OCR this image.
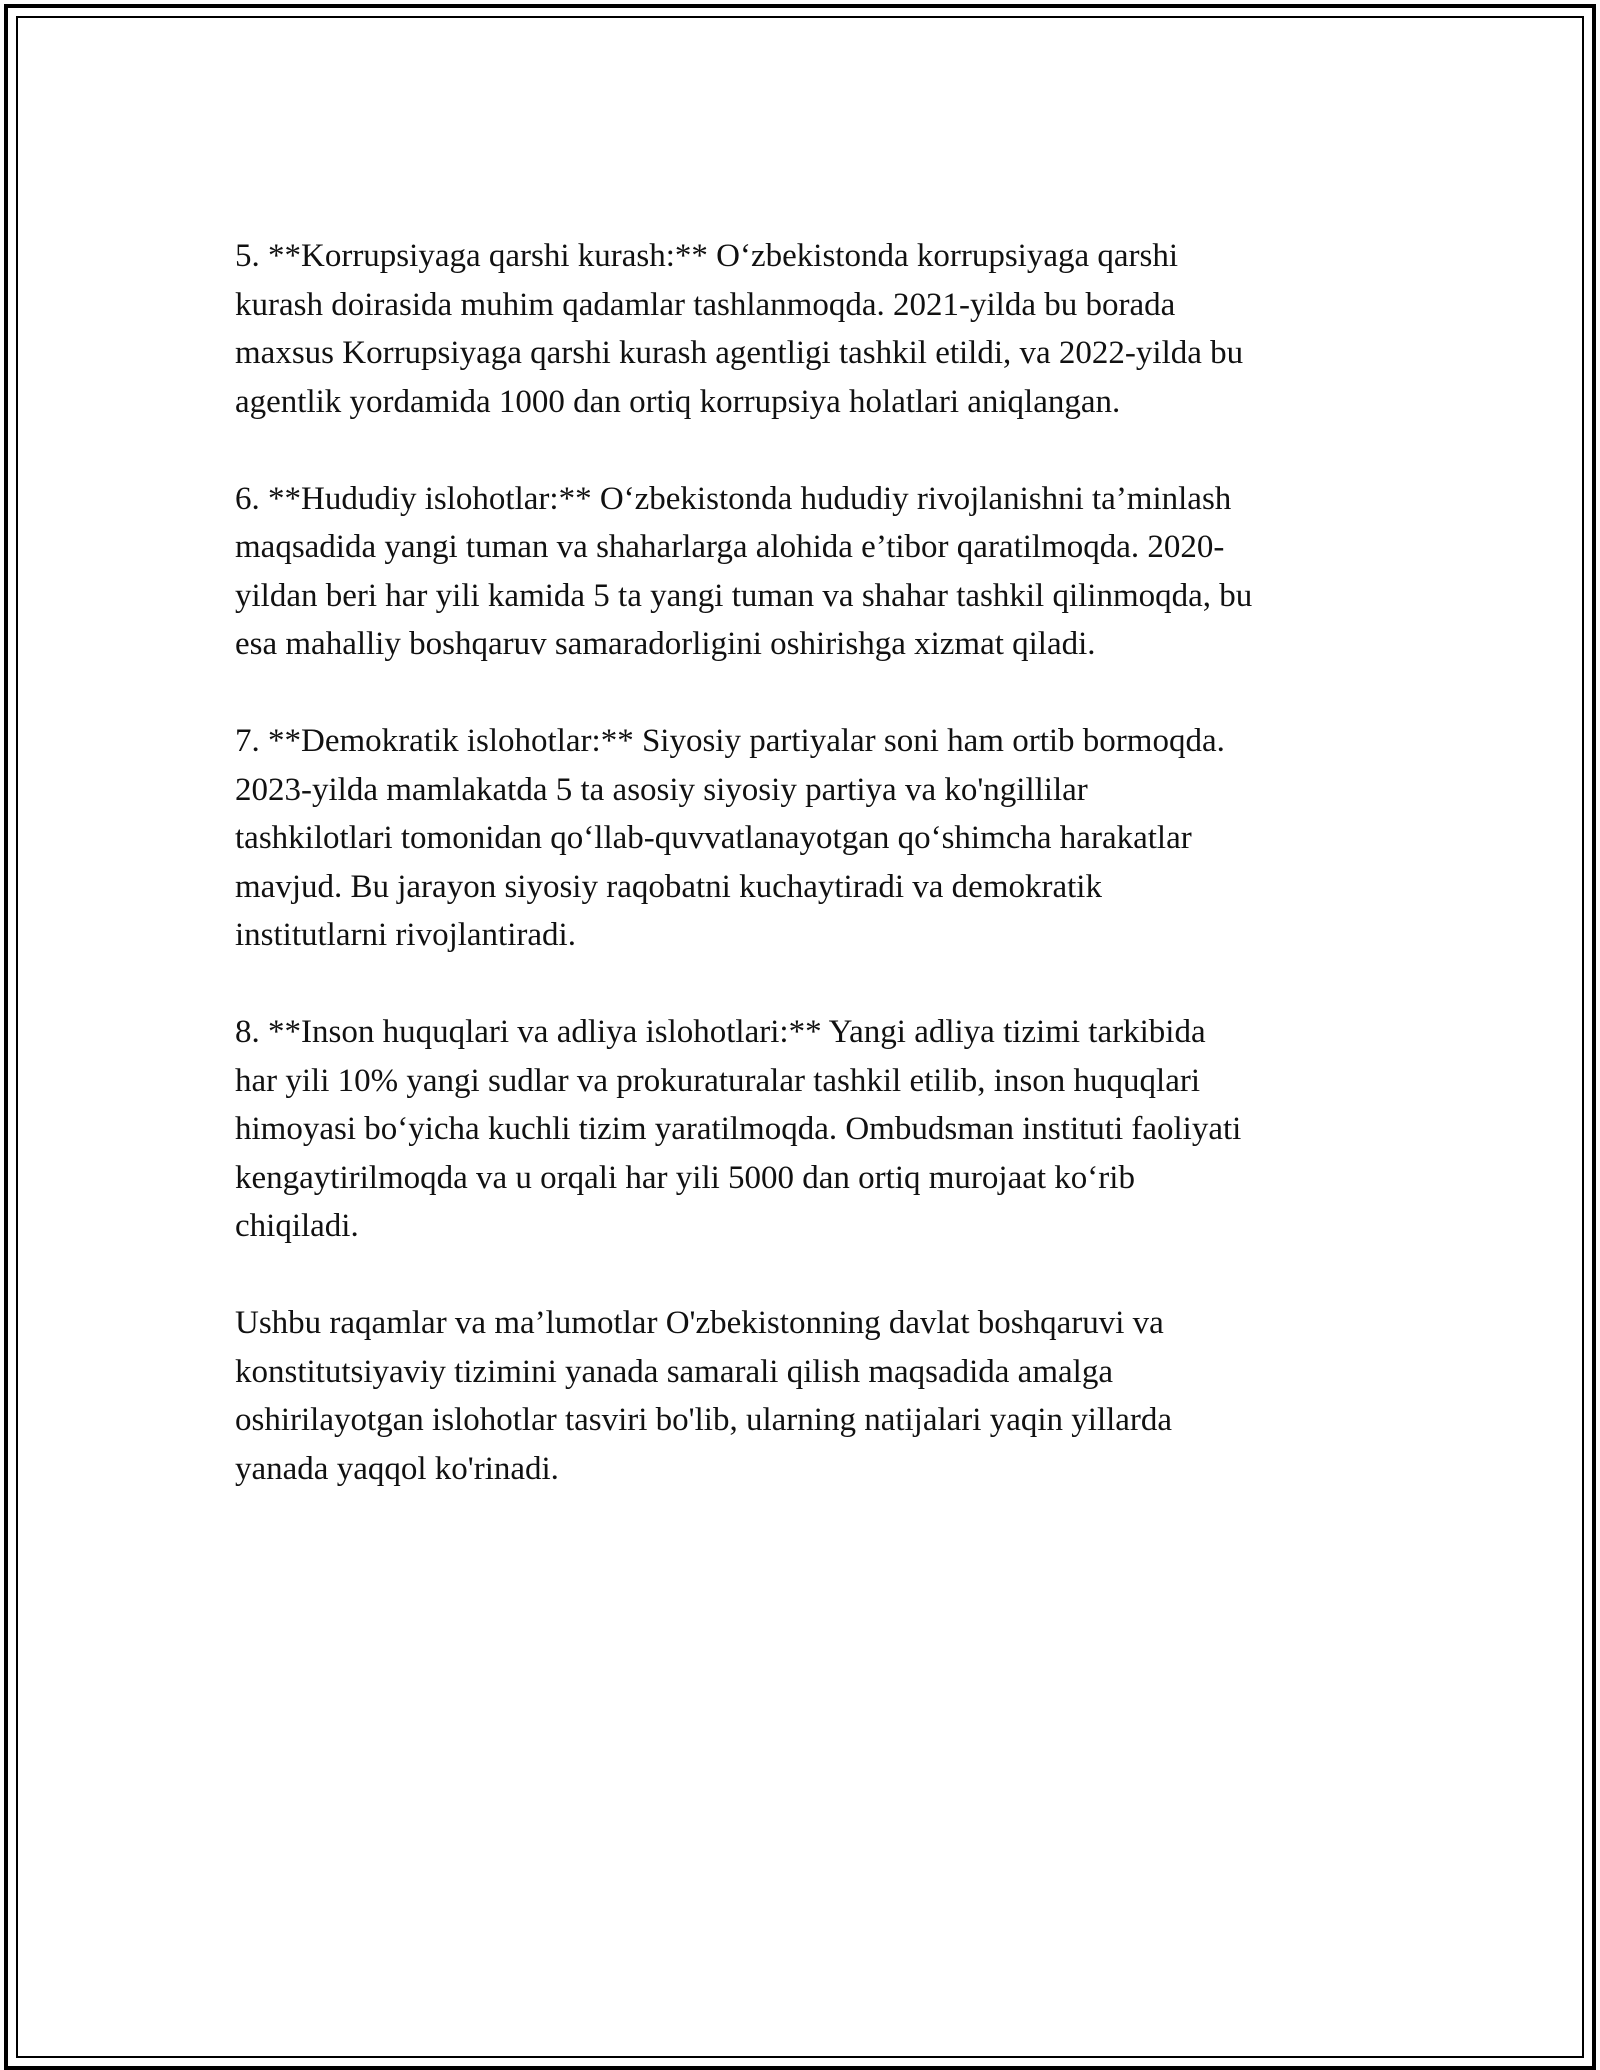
5. **Korrupsiyaga qarshi kurash:** O‘zbekistonda korrupsiyaga qarshi
kurash doirasida muhim qadamlar tashlanmoqda. 2021-yilda bu borada
maxsus Korrupsiyaga qarshi kurash agentligi tashkil etildi, va 2022-yilda bu
agentlik yordamida 1000 dan ortiq korrupsiya holatlari aniqlangan.

6. **Hududiy islohotlar:** O‘zbekistonda hududiy rivojlanishni ta’minlash
maqsadida yangi tuman va shaharlarga alohida e’tibor qaratilmoqda. 2020-
yildan beri har yili kamida 5 ta yangi tuman va shahar tashkil qilinmoqda, bu
esa mahalliy boshqaruv samaradorligini oshirishga xizmat qiladi.

7. **Demokratik islohotlar:** Siyosiy partiyalar soni ham ortib bormoqda.
2023-yilda mamlakatda 5 ta asosiy siyosiy partiya va ko'ngillilar
tashkilotlari tomonidan qo‘llab-quvvatlanayotgan qo‘shimcha harakatlar
mavjud. Bu jarayon siyosiy raqobatni kuchaytiradi va demokratik
institutlarni rivojlantiradi.

8. **Inson huquqlari va adliya islohotlari:** Yangi adliya tizimi tarkibida
har yili 10% yangi sudlar va prokuraturalar tashkil etilib, inson huquqlari
himoyasi bo‘yicha kuchli tizim yaratilmoqda. Ombudsman instituti faoliyati
kengaytirilmoqda va u orqali har yili 5000 dan ortiq murojaat ko‘rib
chiqiladi.

Ushbu raqamlar va ma’lumotlar O'zbekistonning davlat boshqaruvi va
konstitutsiyaviy tizimini yanada samarali qilish maqsadida amalga
oshirilayotgan islohotlar tasviri bo'lib, ularning natijalari yaqin yillarda
yanada yaqqol ko'rinadi.
